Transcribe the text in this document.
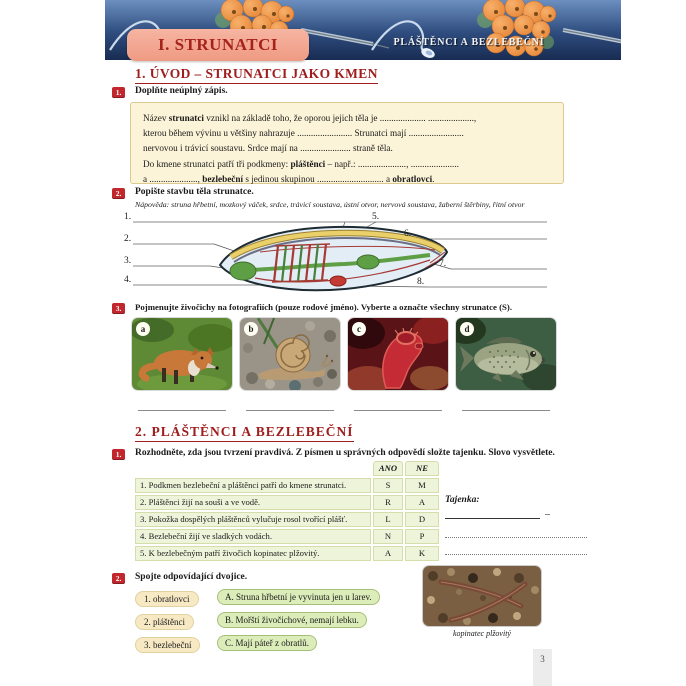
I. STRUNATCI	PLÁŠTĚNCI A BEZLEBEČNÍ
1. ÚVOD – STRUNATCI JAKO KMEN
1.	Doplňte neúplný zápis.
Název strunatci vznikl na základě toho, že oporou jejich těla je .................... ....................,
kterou během vývinu u většiny nahrazuje ........................ Strunatci mají ........................
nervovou i trávicí soustavu. Srdce mají na ...................... straně těla.
Do kmene strunatci patří tři podkmeny: pláštěnci – např.: ....................., .....................
a ....................., bezlebeční s jedinou skupinou ............................. a obratlovci.
2.	Popište stavbu těla strunatce.
Nápověda: struna hřbetní, mozkový váček, srdce, trávicí soustava, ústní otvor, nervová soustava, žaberní štěrbiny, řitní otvor
1.
2.
3.
4.
5.
6.
7.
8.
3.	Pojmenujte živočichy na fotografiích (pouze rodové jméno). Vyberte a označte všechny strunatce (S).
a	b	c	d
2. PLÁŠTĚNCI A BEZLEBEČNÍ
1.	Rozhodněte, zda jsou tvrzení pravdivá. Z písmen u správných odpovědí složte tajenku. Slovo vysvětlete.
ANO	NE
1. Podkmen bezlebeční a pláštěnci patří do kmene strunatci.	S	M
2. Pláštěnci žijí na souši a ve vodě.	R	A
3. Pokožka dospělých pláštěnců vylučuje rosol tvořící plášť.	L	D
4. Bezlebeční žijí ve sladkých vodách.	N	P
5. K bezlebečným patří živočich kopinatec plžovitý.	A	K
Tajenka:
–
2.	Spojte odpovídající dvojice.
1. obratlovci	A. Struna hřbetní je vyvinuta jen u larev.
2. pláštěnci	B. Mořští živočichové, nemají lebku.
3. bezlebeční	C. Mají páteř z obratlů.
kopinatec plžovitý
3
